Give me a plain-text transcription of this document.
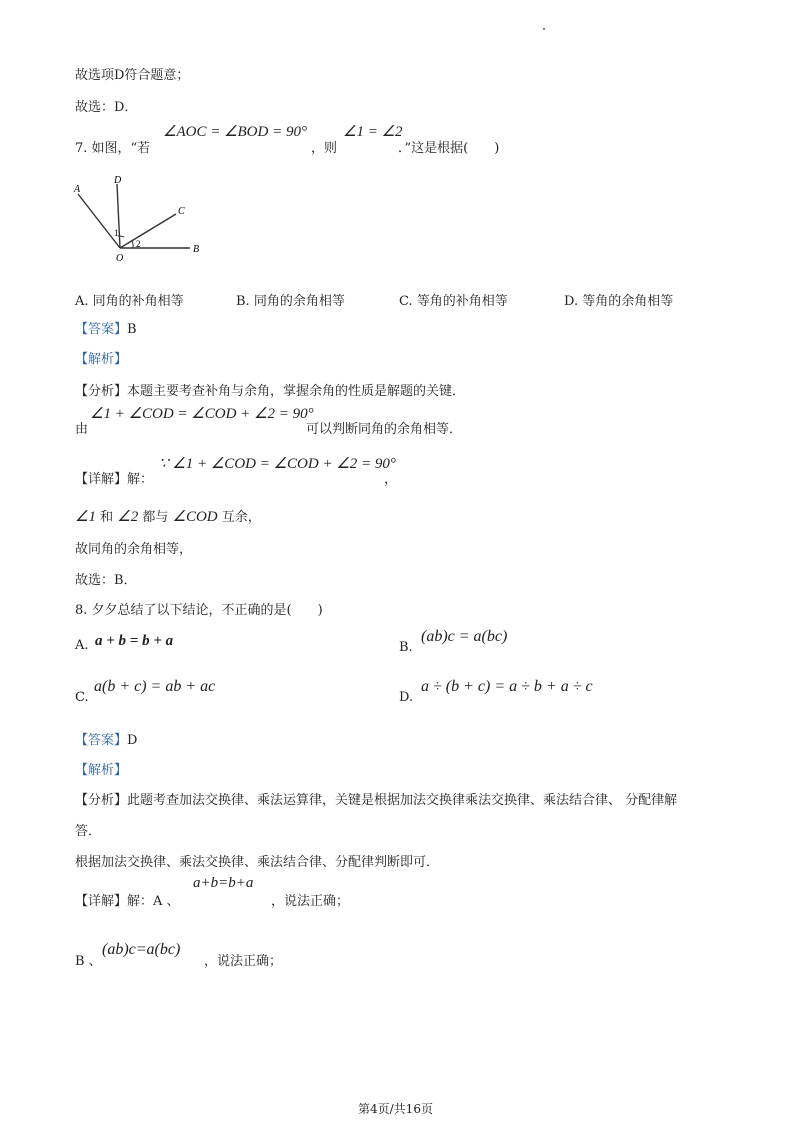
故选项D符合题意；
故选：D．
7. 如图，“若
∠AOC = ∠BOD = 90°
，则
∠1 = ∠2
．”这是根据(　　)
A
D
C
B
O
1
2
A. 同角的补角相等	B. 同角的余角相等	C. 等角的补角相等	D. 等角的余角相等
【答案】B
【解析】
【分析】本题主要考查补角与余角，掌握余角的性质是解题的关键．
由
∠1 + ∠COD = ∠COD + ∠2 = 90°
可以判断同角的余角相等．
【详解】解：
∵ ∠1 + ∠COD = ∠COD + ∠2 = 90°
，
∠1 和 ∠2 都与 ∠COD 互余，
故同角的余角相等，
故选：B．
8. 夕夕总结了以下结论，不正确的是(　　)
A. a + b = b + a	B.
(ab)c = a(bc)
C.
a(b + c) = ab + ac
D.
a ÷ (b + c) = a ÷ b + a ÷ c
【答案】D
【解析】
【分析】此题考查加法交换律、乘法运算律，关键是根据加法交换律乘法交换律、乘法结合律、 分配律解
答．
根据加法交换律、乘法交换律、乘法结合律、分配律判断即可．
【详解】解：A 、
a+b=b+a
，说法正确；
B 、
(ab)c=a(bc)
，说法正确；
第4页/共16页
